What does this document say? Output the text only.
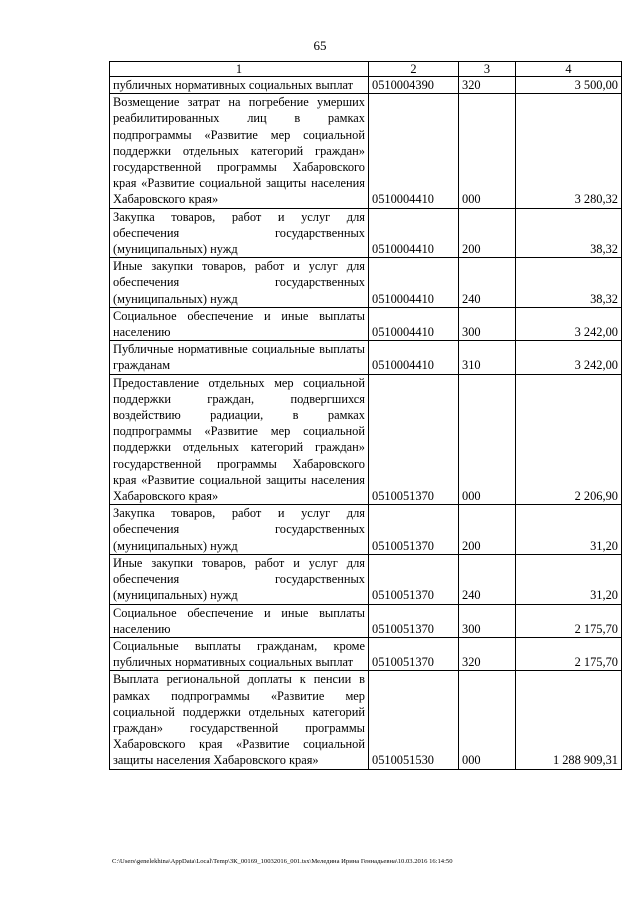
65
1	2	3	4
публичных нормативных социальных выплат	0510004390	320	3 500,00
Возмещение затрат на погребение умерших реабилитированных лиц в рамках подпрограммы «Развитие мер социальной поддержки отдельных категорий граждан» государственной программы Хабаровского края «Развитие социальной защиты населения Хабаровского края»	0510004410	000	3 280,32
Закупка товаров, работ и услуг для обеспечения государственных (муниципальных) нужд	0510004410	200	38,32
Иные закупки товаров, работ и услуг для обеспечения государственных (муниципальных) нужд	0510004410	240	38,32
Социальное обеспечение и иные выплаты населению	0510004410	300	3 242,00
Публичные нормативные социальные выплаты гражданам	0510004410	310	3 242,00
Предоставление отдельных мер социальной поддержки граждан, подвергшихся воздействию радиации, в рамках подпрограммы «Развитие мер социальной поддержки отдельных категорий граждан» государственной программы Хабаровского края «Развитие социальной защиты населения Хабаровского края»	0510051370	000	2 206,90
Закупка товаров, работ и услуг для обеспечения государственных (муниципальных) нужд	0510051370	200	31,20
Иные закупки товаров, работ и услуг для обеспечения государственных (муниципальных) нужд	0510051370	240	31,20
Социальное обеспечение и иные выплаты населению	0510051370	300	2 175,70
Социальные выплаты гражданам, кроме публичных нормативных социальных выплат	0510051370	320	2 175,70
Выплата региональной доплаты к пенсии в рамках подпрограммы «Развитие мер социальной поддержки отдельных категорий граждан» государственной программы Хабаровского края «Развитие социальной защиты населения Хабаровского края»	0510051530	000	1 288 909,31
C:\Users\genelekhina\AppData\Local\Temp\ЗК_00169_10032016_001.tsx\Меледина Ирина Геннадьевна\10.03.2016 16:14:50
